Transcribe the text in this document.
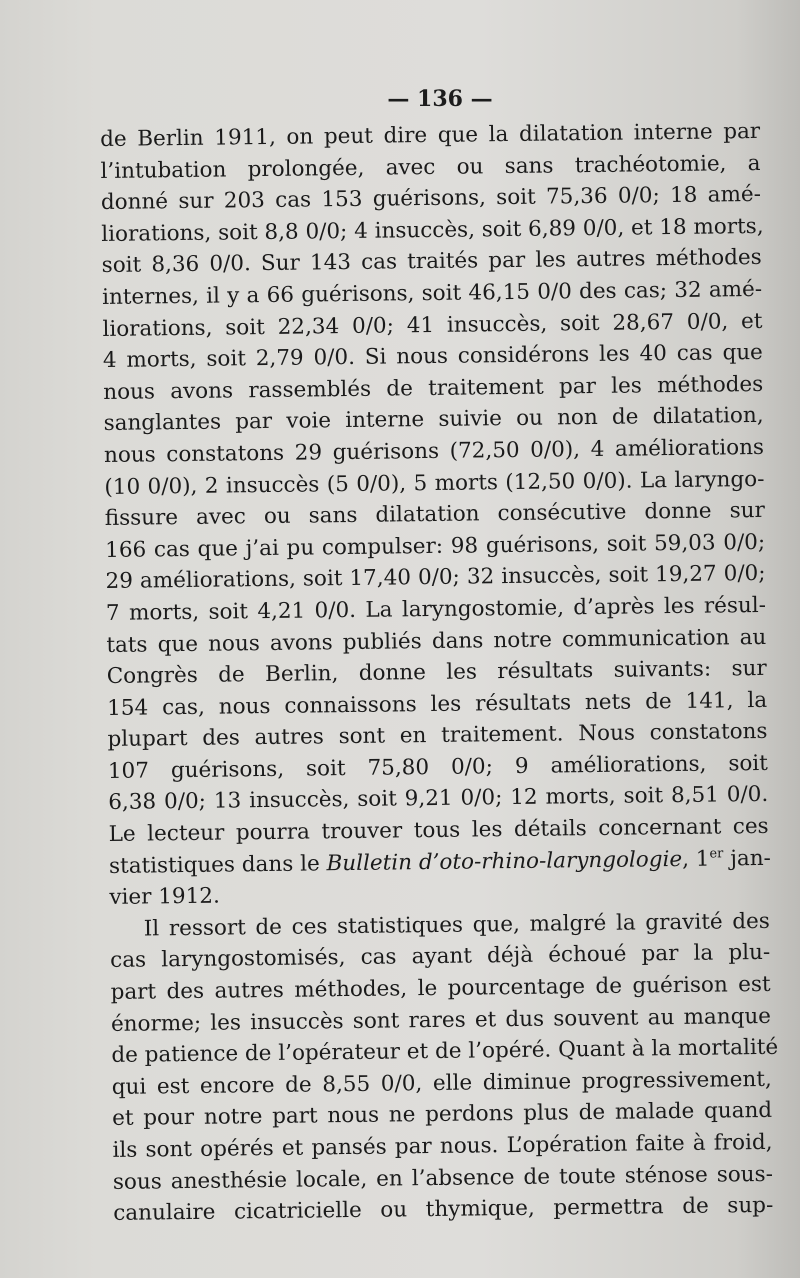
— 136 —
de Berlin 1911, on peut dire que la dilatation interne par
l’intubation prolongée, avec ou sans trachéotomie, a
donné sur 203 cas 153 guérisons, soit 75,36 0/0; 18 amé-
liorations, soit 8,8 0/0; 4 insuccès, soit 6,89 0/0, et 18 morts,
soit 8,36 0/0. Sur 143 cas traités par les autres méthodes
internes, il y a 66 guérisons, soit 46,15 0/0 des cas; 32 amé-
liorations, soit 22,34 0/0; 41 insuccès, soit 28,67 0/0, et
4 morts, soit 2,79 0/0. Si nous considérons les 40 cas que
nous avons rassemblés de traitement par les méthodes
sanglantes par voie interne suivie ou non de dilatation,
nous constatons 29 guérisons (72,50 0/0), 4 améliorations
(10 0/0), 2 insuccès (5 0/0), 5 morts (12,50 0/0). La laryngo-
fissure avec ou sans dilatation consécutive donne sur
166 cas que j’ai pu compulser: 98 guérisons, soit 59,03 0/0;
29 améliorations, soit 17,40 0/0; 32 insuccès, soit 19,27 0/0;
7 morts, soit 4,21 0/0. La laryngostomie, d’après les résul-
tats que nous avons publiés dans notre communication au
Congrès de Berlin, donne les résultats suivants: sur
154 cas, nous connaissons les résultats nets de 141, la
plupart des autres sont en traitement. Nous constatons
107 guérisons, soit 75,80 0/0; 9 améliorations, soit
6,38 0/0; 13 insuccès, soit 9,21 0/0; 12 morts, soit 8,51 0/0.
Le lecteur pourra trouver tous les détails concernant ces
statistiques dans le Bulletin d’oto-rhino-laryngologie, 1er jan-
vier 1912.
Il ressort de ces statistiques que, malgré la gravité des
cas laryngostomisés, cas ayant déjà échoué par la plu-
part des autres méthodes, le pourcentage de guérison est
énorme; les insuccès sont rares et dus souvent au manque
de patience de l’opérateur et de l’opéré. Quant à la mortalité
qui est encore de 8,55 0/0, elle diminue progressivement,
et pour notre part nous ne perdons plus de malade quand
ils sont opérés et pansés par nous. L’opération faite à froid,
sous anesthésie locale, en l’absence de toute sténose sous-
canulaire cicatricielle ou thymique, permettra de sup-
